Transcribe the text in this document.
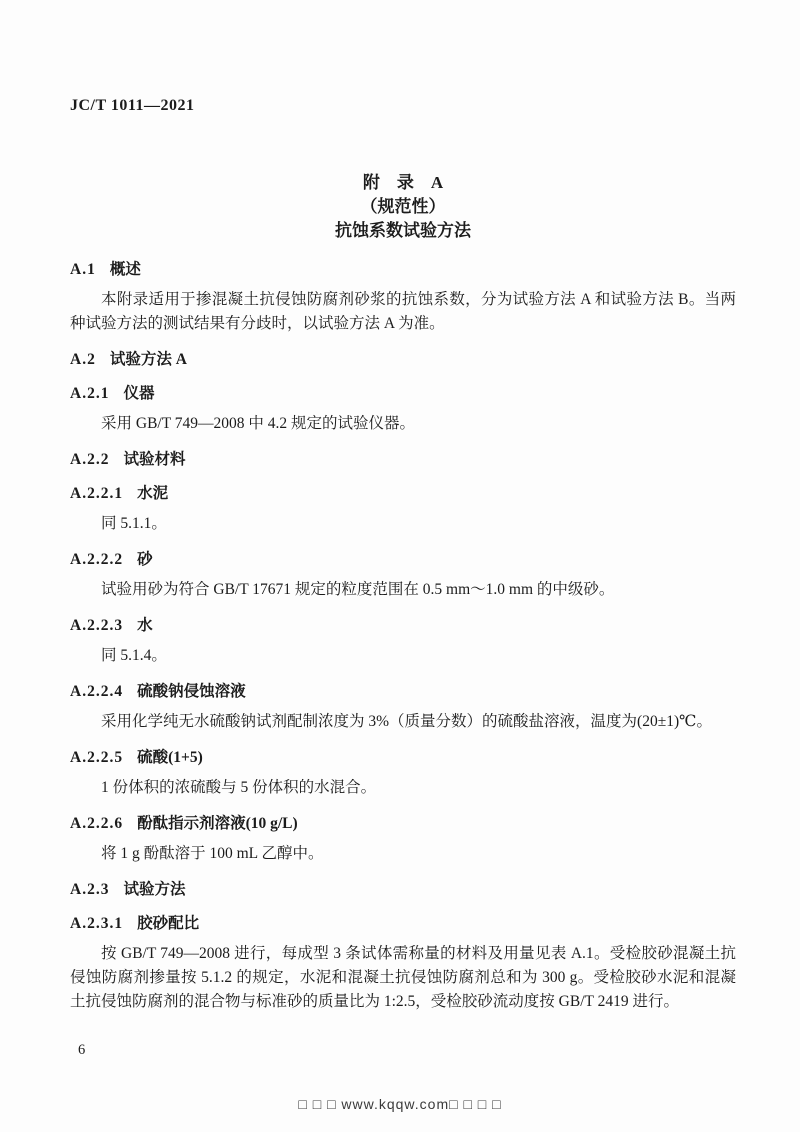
JC/T 1011—2021
附　录　A
（规范性）
抗蚀系数试验方法
A.1 概述

本附录适用于掺混凝土抗侵蚀防腐剂砂浆的抗蚀系数，分为试验方法 A 和试验方法 B。当两种试验方法的测试结果有分歧时，以试验方法 A 为准。

A.2 试验方法 A
A.2.1 仪器

采用 GB/T 749—2008 中 4.2 规定的试验仪器。

A.2.2 试验材料
A.2.2.1 水泥

同 5.1.1。

A.2.2.2 砂

试验用砂为符合 GB/T 17671 规定的粒度范围在 0.5 mm～1.0 mm 的中级砂。

A.2.2.3 水

同 5.1.4。

A.2.2.4 硫酸钠侵蚀溶液

采用化学纯无水硫酸钠试剂配制浓度为 3%（质量分数）的硫酸盐溶液，温度为(20±1)℃。

A.2.2.5 硫酸(1+5)

1 份体积的浓硫酸与 5 份体积的水混合。

A.2.2.6 酚酞指示剂溶液(10 g/L)

将 1 g 酚酞溶于 100 mL 乙醇中。

A.2.3 试验方法
A.2.3.1 胶砂配比

按 GB/T 749—2008 进行，每成型 3 条试体需称量的材料及用量见表 A.1。受检胶砂混凝土抗侵蚀防腐剂掺量按 5.1.2 的规定，水泥和混凝土抗侵蚀防腐剂总和为 300 g。受检胶砂水泥和混凝土抗侵蚀防腐剂的混合物与标准砂的质量比为 1:2.5，受检胶砂流动度按 GB/T 2419 进行。

6
□ □ □ www.kqqw.com□ □ □ □
